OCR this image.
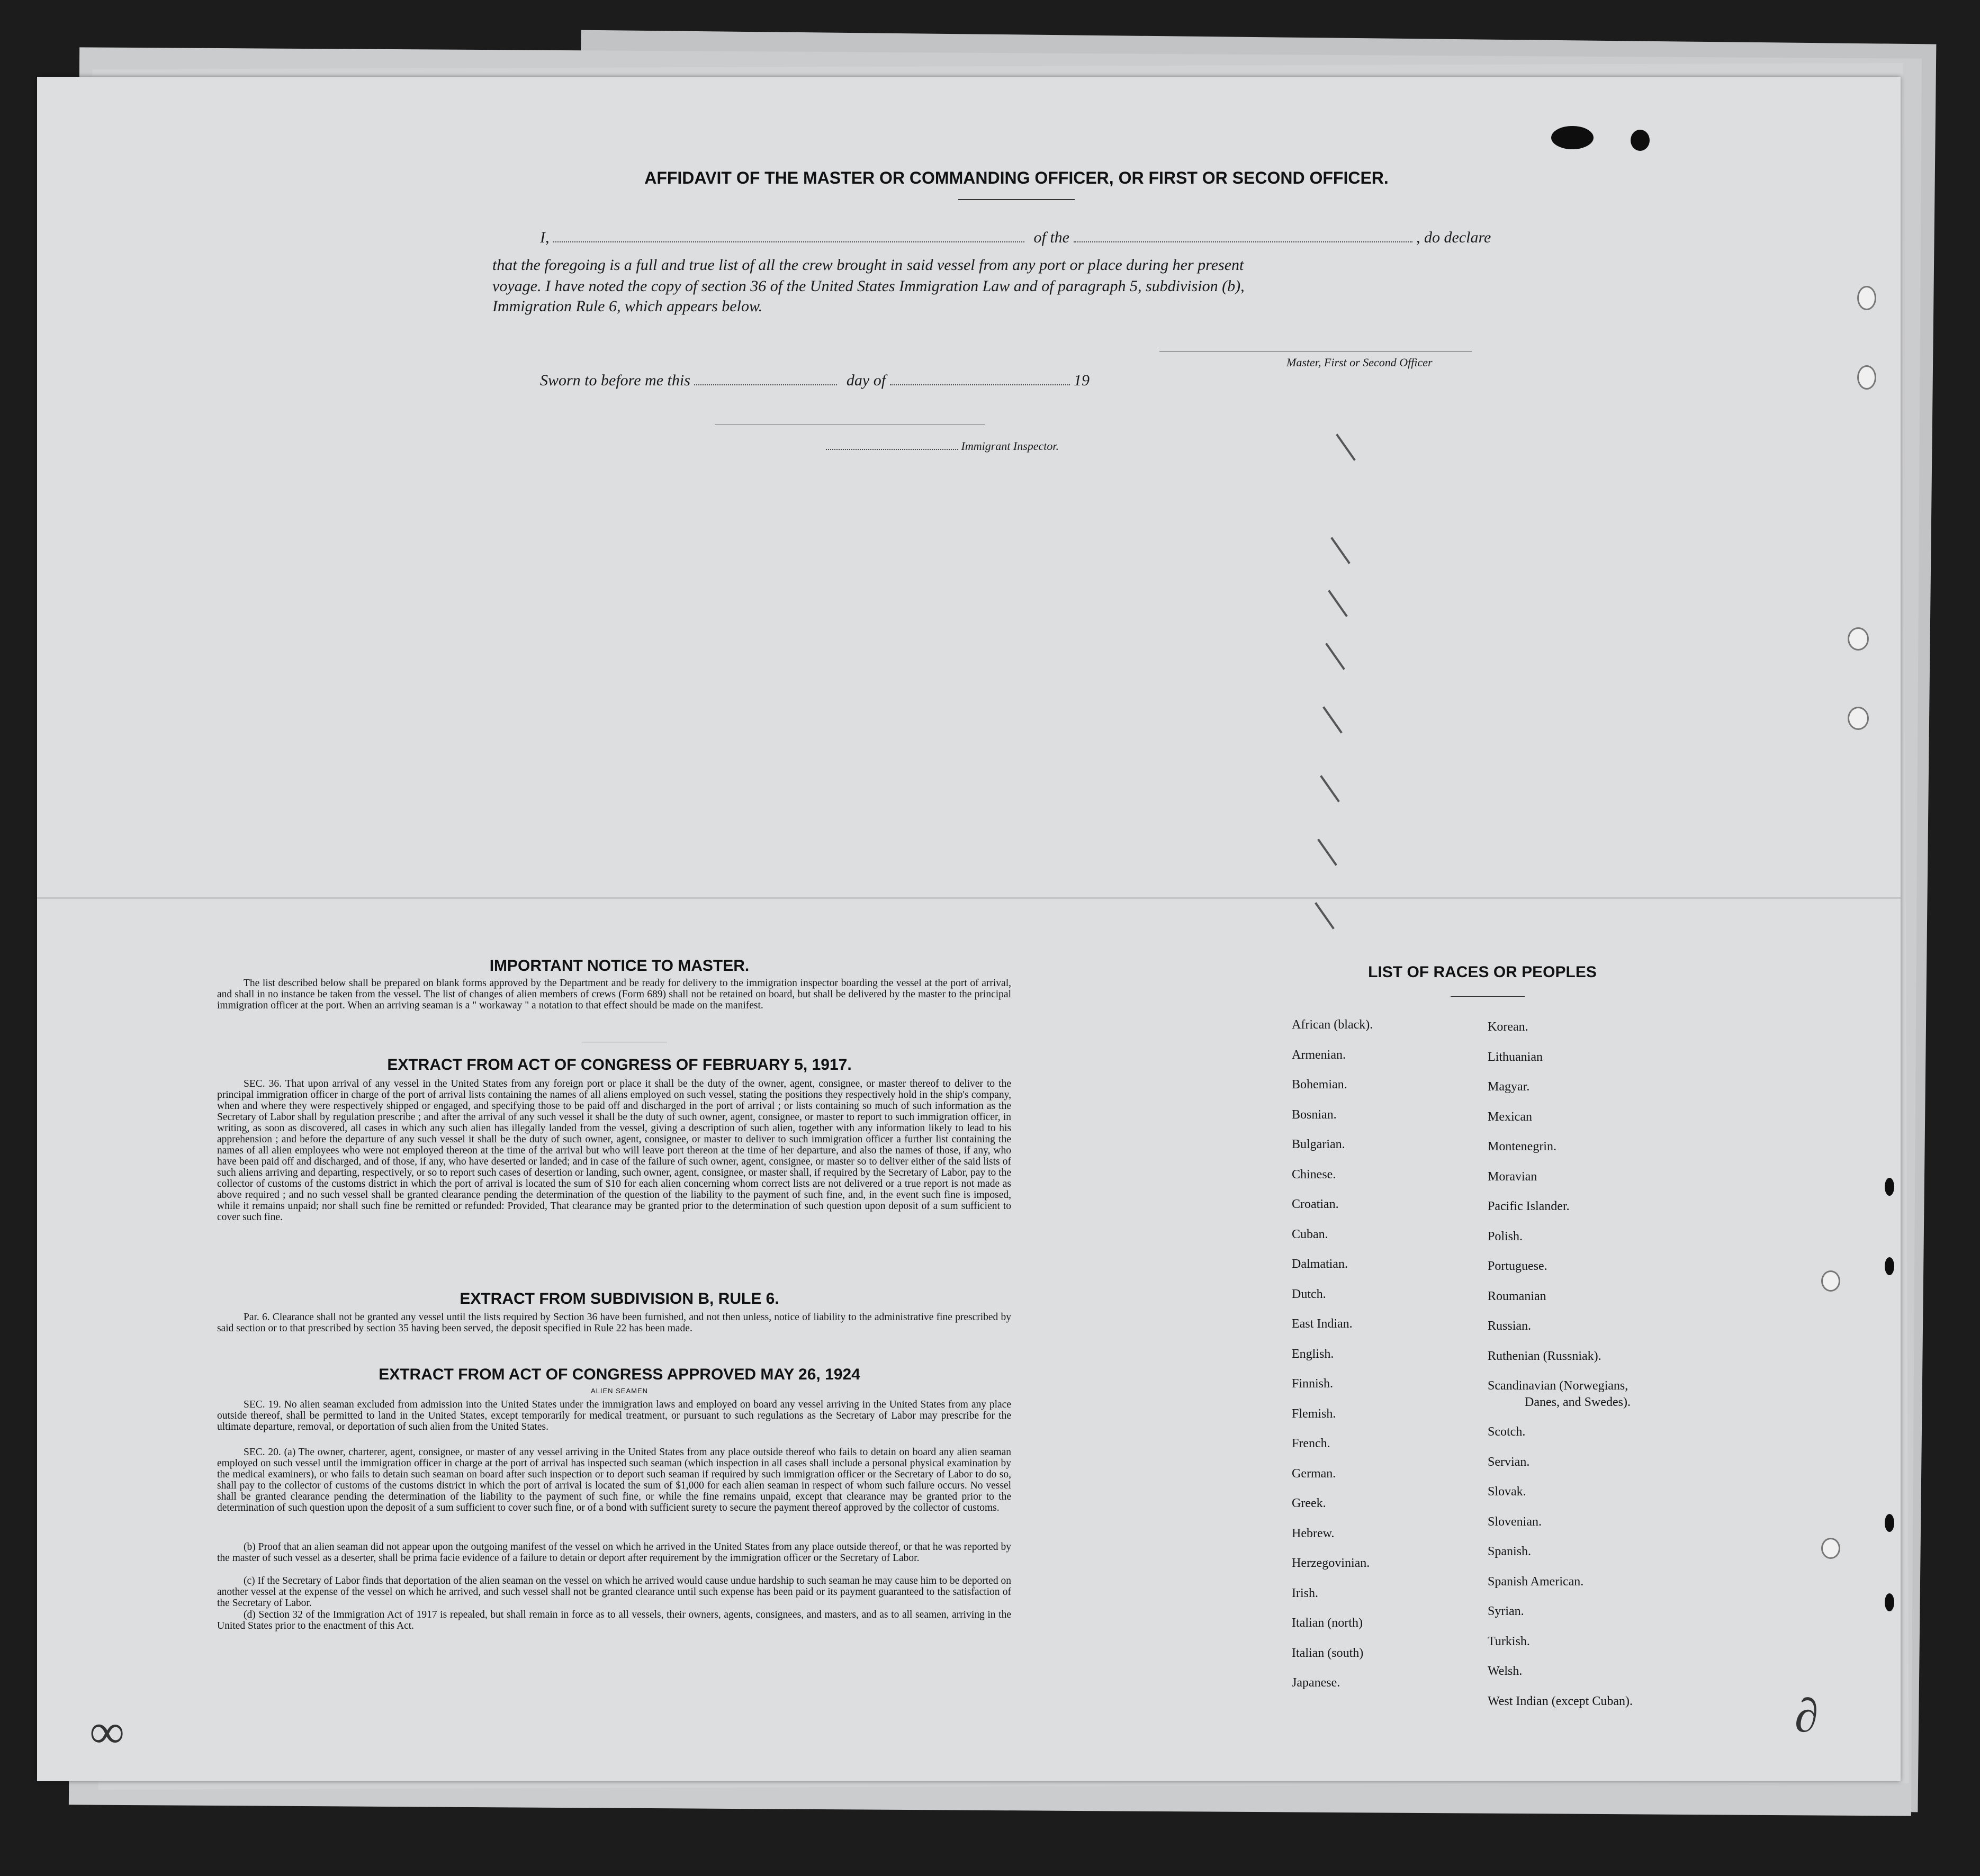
AFFIDAVIT OF THE MASTER OR COMMANDING OFFICER, OR FIRST OR SECOND OFFICER.
I,	of the	, do declare
that the foregoing is a full and true list of all the crew brought in said vessel from any port or place during her present
voyage. I have noted the copy of section 36 of the United States Immigration Law and of paragraph 5, subdivision (b),
Immigration Rule 6, which appears below.
Master, First or Second Officer
Sworn to before me this	day of	19
Immigrant Inspector.
IMPORTANT NOTICE TO MASTER.
The list described below shall be prepared on blank forms approved by the Department and be ready for delivery to the immigration inspector boarding the vessel at the port of arrival, and shall in no instance be taken from the vessel. The list of changes of alien members of crews (Form 689) shall not be retained on board, but shall be delivered by the master to the principal immigration officer at the port. When an arriving seaman is a " workaway " a notation to that effect should be made on the manifest.
EXTRACT FROM ACT OF CONGRESS OF FEBRUARY 5, 1917.
SEC. 36. That upon arrival of any vessel in the United States from any foreign port or place it shall be the duty of the owner, agent, consignee, or master thereof to deliver to the principal immigration officer in charge of the port of arrival lists containing the names of all aliens employed on such vessel, stating the positions they respectively hold in the ship's company, when and where they were respectively shipped or engaged, and specifying those to be paid off and discharged in the port of arrival ; or lists containing so much of such information as the Secretary of Labor shall by regulation prescribe ; and after the arrival of any such vessel it shall be the duty of such owner, agent, consignee, or master to report to such immigration officer, in writing, as soon as discovered, all cases in which any such alien has illegally landed from the vessel, giving a description of such alien, together with any information likely to lead to his apprehension ; and before the departure of any such vessel it shall be the duty of such owner, agent, consignee, or master to deliver to such immigration officer a further list containing the names of all alien employees who were not employed thereon at the time of the arrival but who will leave port thereon at the time of her departure, and also the names of those, if any, who have been paid off and discharged, and of those, if any, who have deserted or landed; and in case of the failure of such owner, agent, consignee, or master so to deliver either of the said lists of such aliens arriving and departing, respectively, or so to report such cases of desertion or landing, such owner, agent, consignee, or master shall, if required by the Secretary of Labor, pay to the collector of customs of the customs district in which the port of arrival is located the sum of $10 for each alien concerning whom correct lists are not delivered or a true report is not made as above required ; and no such vessel shall be granted clearance pending the determination of the question of the liability to the payment of such fine, and, in the event such fine is imposed, while it remains unpaid; nor shall such fine be remitted or refunded: Provided, That clearance may be granted prior to the determination of such question upon deposit of a sum sufficient to cover such fine.
EXTRACT FROM SUBDIVISION B, RULE 6.
Par. 6. Clearance shall not be granted any vessel until the lists required by Section 36 have been furnished, and not then unless, notice of liability to the administrative fine prescribed by said section or to that prescribed by section 35 having been served, the deposit specified in Rule 22 has been made.
EXTRACT FROM ACT OF CONGRESS APPROVED MAY 26, 1924
ALIEN SEAMEN
SEC. 19. No alien seaman excluded from admission into the United States under the immigration laws and employed on board any vessel arriving in the United States from any place outside thereof, shall be permitted to land in the United States, except temporarily for medical treatment, or pursuant to such regulations as the Secretary of Labor may prescribe for the ultimate departure, removal, or deportation of such alien from the United States.
SEC. 20. (a) The owner, charterer, agent, consignee, or master of any vessel arriving in the United States from any place outside thereof who fails to detain on board any alien seaman employed on such vessel until the immigration officer in charge at the port of arrival has inspected such seaman (which inspection in all cases shall include a personal physical examination by the medical examiners), or who fails to detain such seaman on board after such inspection or to deport such seaman if required by such immigration officer or the Secretary of Labor to do so, shall pay to the collector of customs of the customs district in which the port of arrival is located the sum of $1,000 for each alien seaman in respect of whom such failure occurs. No vessel shall be granted clearance pending the determination of the liability to the payment of such fine, or while the fine remains unpaid, except that clearance may be granted prior to the determination of such question upon the deposit of a sum sufficient to cover such fine, or of a bond with sufficient surety to secure the payment thereof approved by the collector of customs.
(b) Proof that an alien seaman did not appear upon the outgoing manifest of the vessel on which he arrived in the United States from any place outside thereof, or that he was reported by the master of such vessel as a deserter, shall be prima facie evidence of a failure to detain or deport after requirement by the immigration officer or the Secretary of Labor.
(c) If the Secretary of Labor finds that deportation of the alien seaman on the vessel on which he arrived would cause undue hardship to such seaman he may cause him to be deported on another vessel at the expense of the vessel on which he arrived, and such vessel shall not be granted clearance until such expense has been paid or its payment guaranteed to the satisfaction of the Secretary of Labor.
(d) Section 32 of the Immigration Act of 1917 is repealed, but shall remain in force as to all vessels, their owners, agents, consignees, and masters, and as to all seamen, arriving in the United States prior to the enactment of this Act.
LIST OF RACES OR PEOPLES
African (black).
Armenian.
Bohemian.
Bosnian.
Bulgarian.
Chinese.
Croatian.
Cuban.
Dalmatian.
Dutch.
East Indian.
English.
Finnish.
Flemish.
French.
German.
Greek.
Hebrew.
Herzegovinian.
Irish.
Italian (north)
Italian (south)
Japanese.
Korean.
Lithuanian
Magyar.
Mexican
Montenegrin.
Moravian
Pacific Islander.
Polish.
Portuguese.
Roumanian
Russian.
Ruthenian (Russniak).
Scandinavian (Norwegians,
Danes, and Swedes).
Scotch.
Servian.
Slovak.
Slovenian.
Spanish.
Spanish American.
Syrian.
Turkish.
Welsh.
West Indian (except Cuban).
∞	∂
